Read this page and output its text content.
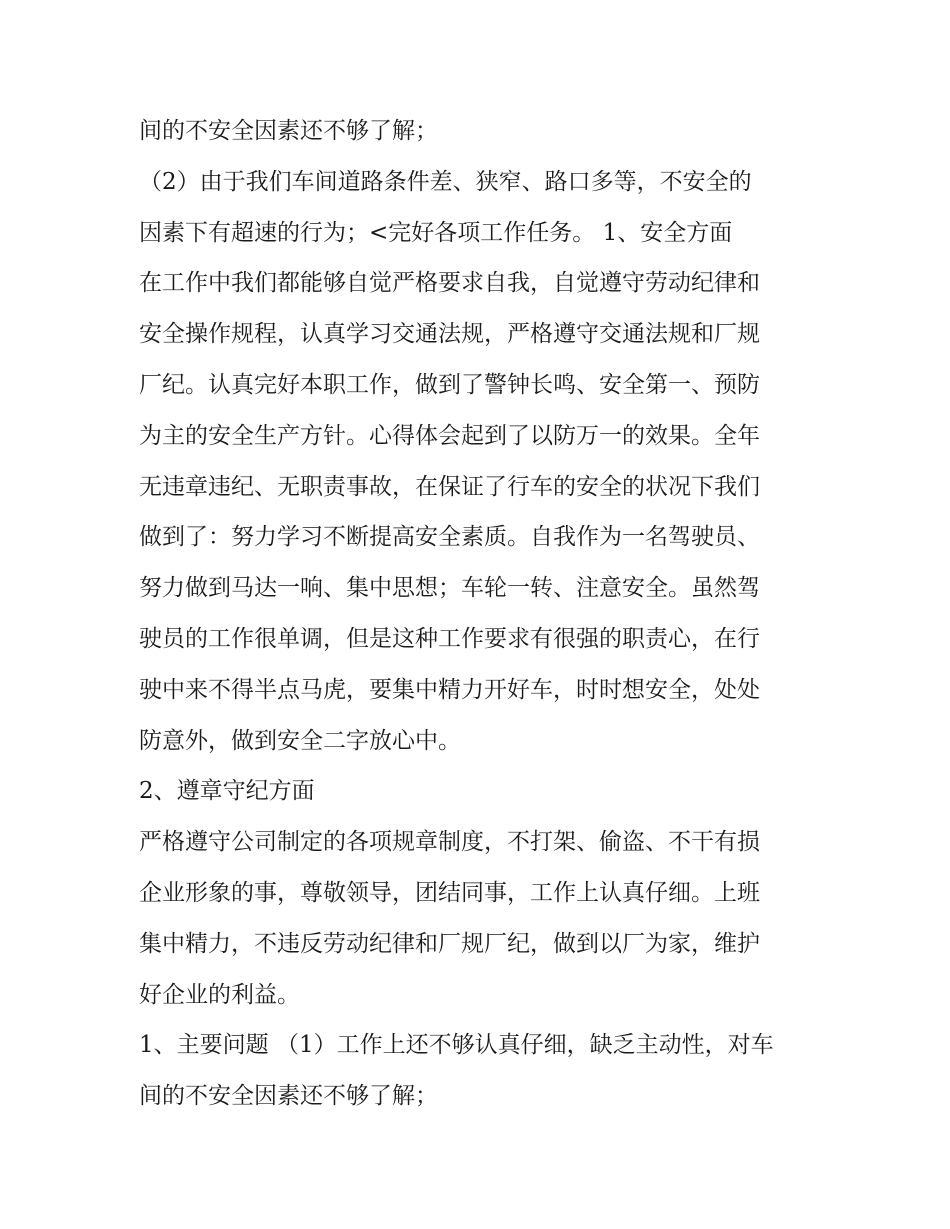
间的不安全因素还不够了解；
（2）由于我们车间道路条件差、狭窄、路口多等，不安全的
因素下有超速的行为；<完好各项工作任务。 1、安全方面
在工作中我们都能够自觉严格要求自我，自觉遵守劳动纪律和
安全操作规程，认真学习交通法规，严格遵守交通法规和厂规
厂纪。认真完好本职工作，做到了警钟长鸣、安全第一、预防
为主的安全生产方针。心得体会起到了以防万一的效果。全年
无违章违纪、无职责事故，在保证了行车的安全的状况下我们
做到了：努力学习不断提高安全素质。自我作为一名驾驶员、
努力做到马达一响、集中思想；车轮一转、注意安全。虽然驾
驶员的工作很单调，但是这种工作要求有很强的职责心，在行
驶中来不得半点马虎，要集中精力开好车，时时想安全，处处
防意外，做到安全二字放心中。
2、遵章守纪方面
严格遵守公司制定的各项规章制度，不打架、偷盗、不干有损
企业形象的事，尊敬领导，团结同事，工作上认真仔细。上班
集中精力，不违反劳动纪律和厂规厂纪，做到以厂为家，维护
好企业的利益。
1、主要问题 （1）工作上还不够认真仔细，缺乏主动性，对车
间的不安全因素还不够了解；
